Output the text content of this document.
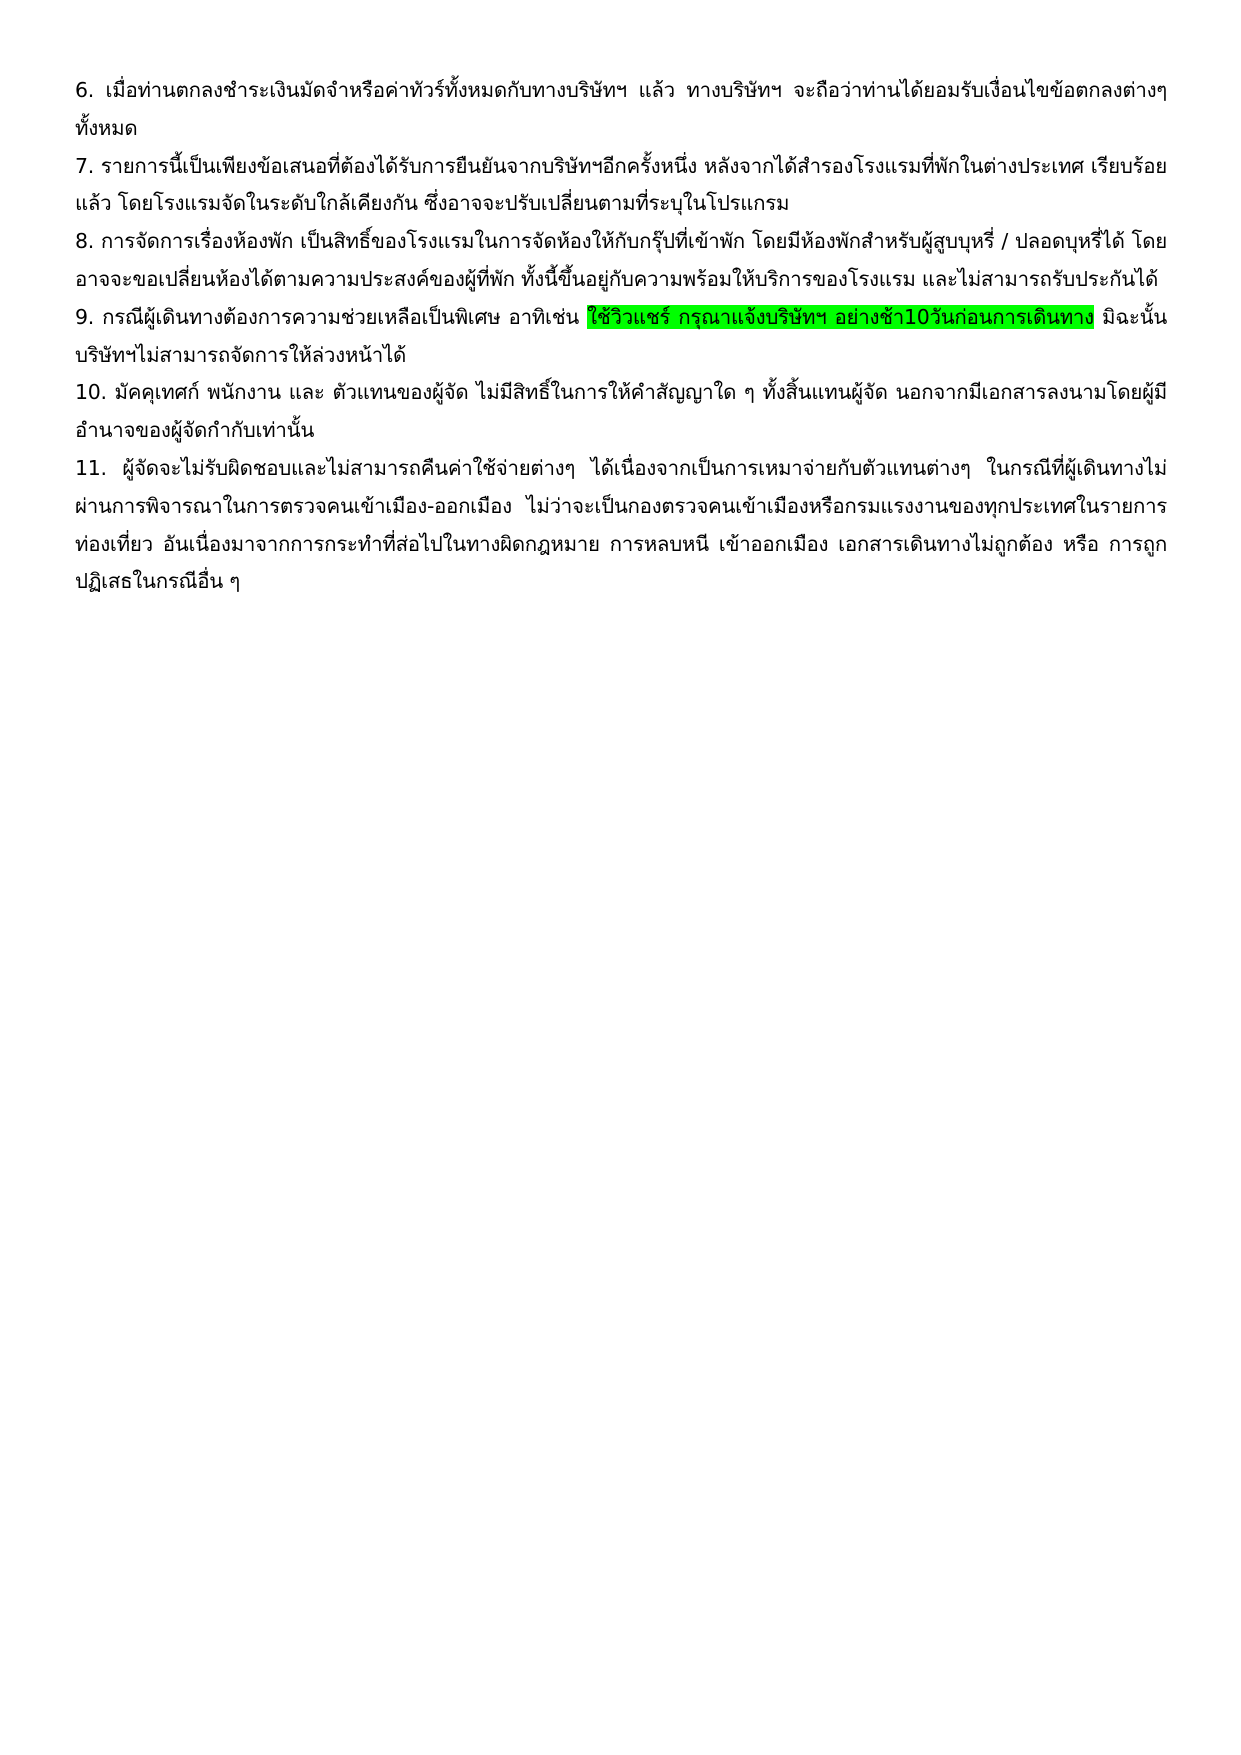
6. เมื่อท่านตกลงชำระเงินมัดจำหรือค่าทัวร์ทั้งหมดกับทางบริษัทฯ แล้ว ทางบริษัทฯ จะถือว่าท่านได้ยอมรับเงื่อนไขข้อตกลงต่างๆ ทั้งหมด

7. รายการนี้เป็นเพียงข้อเสนอที่ต้องได้รับการยืนยันจากบริษัทฯอีกครั้งหนึ่ง หลังจากได้สำรองโรงแรมที่พักในต่างประเทศ เรียบร้อยแล้ว โดยโรงแรมจัดในระดับใกล้เคียงกัน ซึ่งอาจจะปรับเปลี่ยนตามที่ระบุในโปรแกรม

8. การจัดการเรื่องห้องพัก เป็นสิทธิ์ของโรงแรมในการจัดห้องให้กับกรุ๊ปที่เข้าพัก โดยมีห้องพักสำหรับผู้สูบบุหรี่ / ปลอดบุหรี่ได้ โดยอาจจะขอเปลี่ยนห้องได้ตามความประสงค์ของผู้ที่พัก ทั้งนี้ขึ้นอยู่กับความพร้อมให้บริการของโรงแรม และไม่สามารถรับประกันได้

9. กรณีผู้เดินทางต้องการความช่วยเหลือเป็นพิเศษ อาทิเช่น ใช้วิวแชร์ กรุณาแจ้งบริษัทฯ อย่างช้า10วันก่อนการเดินทาง มิฉะนั้น บริษัทฯไม่สามารถจัดการให้ล่วงหน้าได้

10. มัคคุเทศก์ พนักงาน และ ตัวแทนของผู้จัด ไม่มีสิทธิ์ในการให้คำสัญญาใด ๆ ทั้งสิ้นแทนผู้จัด นอกจากมีเอกสารลงนามโดยผู้มีอำนาจของผู้จัดกำกับเท่านั้น

11. ผู้จัดจะไม่รับผิดชอบและไม่สามารถคืนค่าใช้จ่ายต่างๆ ได้เนื่องจากเป็นการเหมาจ่ายกับตัวแทนต่างๆ ในกรณีที่ผู้เดินทางไม่ผ่านการพิจารณาในการตรวจคนเข้าเมือง-ออกเมือง ไม่ว่าจะเป็นกองตรวจคนเข้าเมืองหรือกรมแรงงานของทุกประเทศในรายการท่องเที่ยว อันเนื่องมาจากการกระทำที่ส่อไปในทางผิดกฎหมาย การหลบหนี เข้าออกเมือง เอกสารเดินทางไม่ถูกต้อง หรือ การถูกปฏิเสธในกรณีอื่น ๆ
